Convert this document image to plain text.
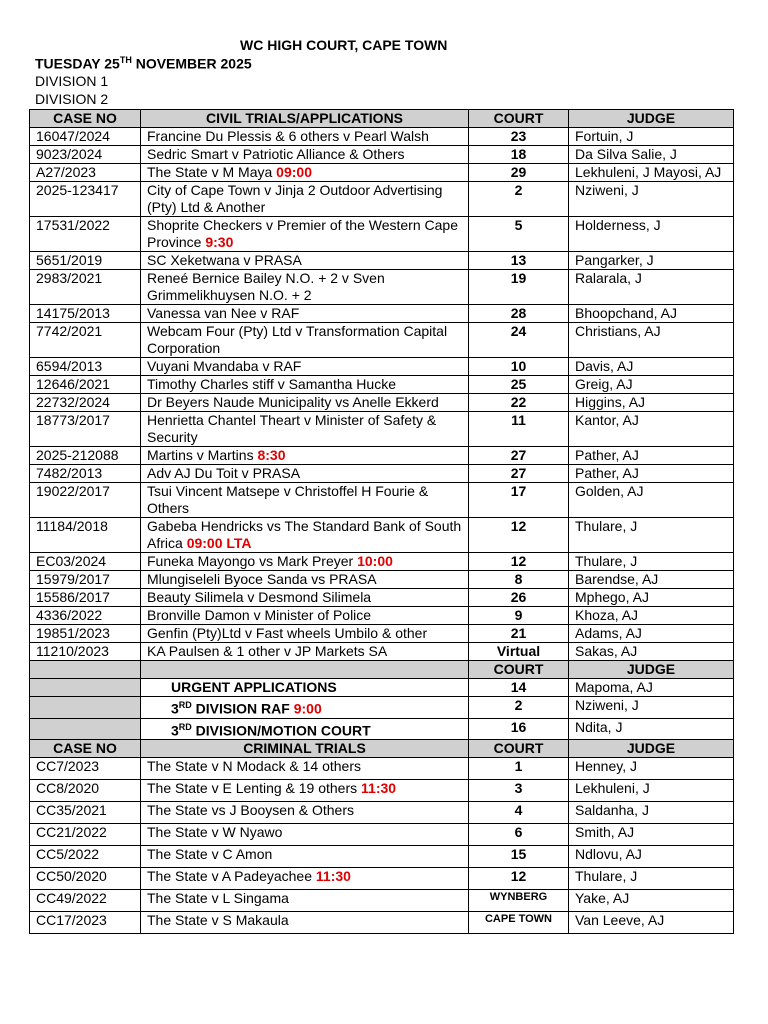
WC HIGH COURT, CAPE TOWN
TUESDAY 25TH NOVEMBER 2025
DIVISION 1
DIVISION 2
CASE NO	CIVIL TRIALS/APPLICATIONS	COURT	JUDGE
16047/2024	Francine Du Plessis & 6 others v Pearl Walsh	23	Fortuin, J
9023/2024	Sedric Smart v Patriotic Alliance & Others	18	Da Silva Salie, J
A27/2023	The State v M Maya 09:00	29	Lekhuleni, J Mayosi, AJ
2025-123417	City of Cape Town v Jinja 2 Outdoor Advertising (Pty) Ltd & Another	2	Nziweni, J
17531/2022	Shoprite Checkers v Premier of the Western Cape Province 9:30	5	Holderness, J
5651/2019	SC Xeketwana v PRASA	13	Pangarker, J
2983/2021	Reneé Bernice Bailey N.O. + 2 v Sven Grimmelikhuysen N.O. + 2	19	Ralarala, J
14175/2013	Vanessa van Nee v RAF	28	Bhoopchand, AJ
7742/2021	Webcam Four (Pty) Ltd v Transformation Capital Corporation	24	Christians, AJ
6594/2013	Vuyani Mvandaba v RAF	10	Davis, AJ
12646/2021	Timothy Charles stiff v Samantha Hucke	25	Greig, AJ
22732/2024	Dr Beyers Naude Municipality vs Anelle Ekkerd	22	Higgins, AJ
18773/2017	Henrietta Chantel Theart v Minister of Safety & Security	11	Kantor, AJ
2025-212088	Martins v Martins 8:30	27	Pather, AJ
7482/2013	Adv AJ Du Toit v PRASA	27	Pather, AJ
19022/2017	Tsui Vincent Matsepe v Christoffel H Fourie & Others	17	Golden, AJ
11184/2018	Gabeba Hendricks vs The Standard Bank of South Africa 09:00 LTA	12	Thulare, J
EC03/2024	Funeka Mayongo vs Mark Preyer 10:00	12	Thulare, J
15979/2017	Mlungiseleli Byoce Sanda vs PRASA	8	Barendse, AJ
15586/2017	Beauty Silimela v Desmond Silimela	26	Mphego, AJ
4336/2022	Bronville Damon v Minister of Police	9	Khoza, AJ
19851/2023	Genfin (Pty)Ltd v Fast wheels Umbilo & other	21	Adams, AJ
11210/2023	KA Paulsen & 1 other v JP Markets SA	Virtual	Sakas, AJ
		COURT	JUDGE
	URGENT APPLICATIONS	14	Mapoma, AJ
	3RD DIVISION RAF 9:00	2	Nziweni, J
	3RD DIVISION/MOTION COURT	16	Ndita, J
CASE NO	CRIMINAL TRIALS	COURT	JUDGE
CC7/2023	The State v N Modack & 14 others	1	Henney, J
CC8/2020	The State v E Lenting & 19 others 11:30	3	Lekhuleni, J
CC35/2021	The State vs J Booysen & Others	4	Saldanha, J
CC21/2022	The State v W Nyawo	6	Smith, AJ
CC5/2022	The State v C Amon	15	Ndlovu, AJ
CC50/2020	The State v A Padeyachee 11:30	12	Thulare, J
CC49/2022	The State v L Singama	WYNBERG	Yake, AJ
CC17/2023	The State v S Makaula	CAPE TOWN	Van Leeve, AJ
